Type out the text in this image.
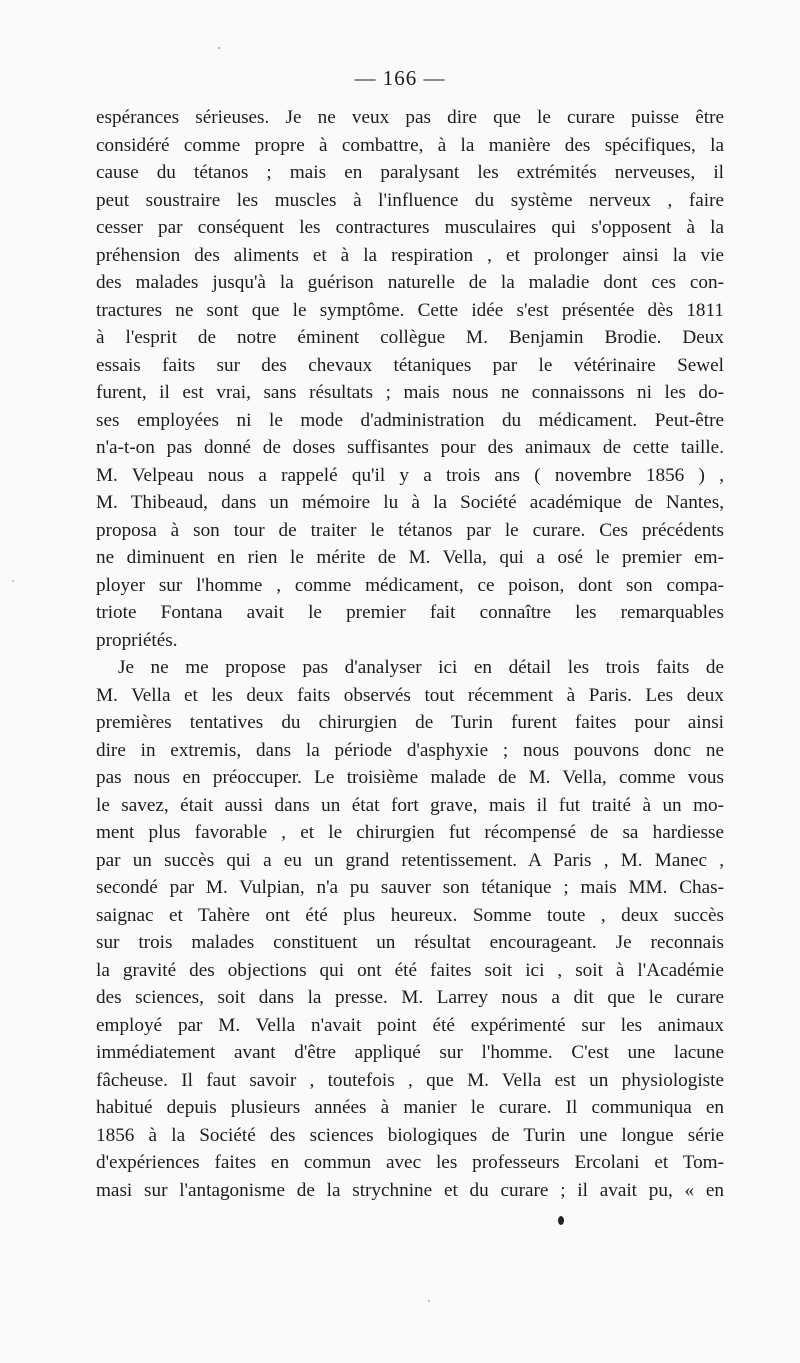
— 166 —
espérances sérieuses. Je ne veux pas dire que le curare puisse être
considéré comme propre à combattre, à la manière des spécifiques, la
cause du tétanos ; mais en paralysant les extrémités nerveuses, il
peut soustraire les muscles à l'influence du système nerveux , faire
cesser par conséquent les contractures musculaires qui s'opposent à la
préhension des aliments et à la respiration , et prolonger ainsi la vie
des malades jusqu'à la guérison naturelle de la maladie dont ces con-
tractures ne sont que le symptôme. Cette idée s'est présentée dès 1811
à l'esprit de notre éminent collègue M. Benjamin Brodie. Deux
essais faits sur des chevaux tétaniques par le vétérinaire Sewel
furent, il est vrai, sans résultats ; mais nous ne connaissons ni les do-
ses employées ni le mode d'administration du médicament. Peut-être
n'a-t-on pas donné de doses suffisantes pour des animaux de cette taille.
M. Velpeau nous a rappelé qu'il y a trois ans ( novembre 1856 ) ,
M. Thibeaud, dans un mémoire lu à la Société académique de Nantes,
proposa à son tour de traiter le tétanos par le curare. Ces précédents
ne diminuent en rien le mérite de M. Vella, qui a osé le premier em-
ployer sur l'homme , comme médicament, ce poison, dont son compa-
triote Fontana avait le premier fait connaître les remarquables
propriétés.
Je ne me propose pas d'analyser ici en détail les trois faits de
M. Vella et les deux faits observés tout récemment à Paris. Les deux
premières tentatives du chirurgien de Turin furent faites pour ainsi
dire in extremis, dans la période d'asphyxie ; nous pouvons donc ne
pas nous en préoccuper. Le troisième malade de M. Vella, comme vous
le savez, était aussi dans un état fort grave, mais il fut traité à un mo-
ment plus favorable , et le chirurgien fut récompensé de sa hardiesse
par un succès qui a eu un grand retentissement. A Paris , M. Manec ,
secondé par M. Vulpian, n'a pu sauver son tétanique ; mais MM. Chas-
saignac et Tahère ont été plus heureux. Somme toute , deux succès
sur trois malades constituent un résultat encourageant. Je reconnais
la gravité des objections qui ont été faites soit ici , soit à l'Académie
des sciences, soit dans la presse. M. Larrey nous a dit que le curare
employé par M. Vella n'avait point été expérimenté sur les animaux
immédiatement avant d'être appliqué sur l'homme. C'est une lacune
fâcheuse. Il faut savoir , toutefois , que M. Vella est un physiologiste
habitué depuis plusieurs années à manier le curare. Il communiqua en
1856 à la Société des sciences biologiques de Turin une longue série
d'expériences faites en commun avec les professeurs Ercolani et Tom-
masi sur l'antagonisme de la strychnine et du curare ; il avait pu, « en
